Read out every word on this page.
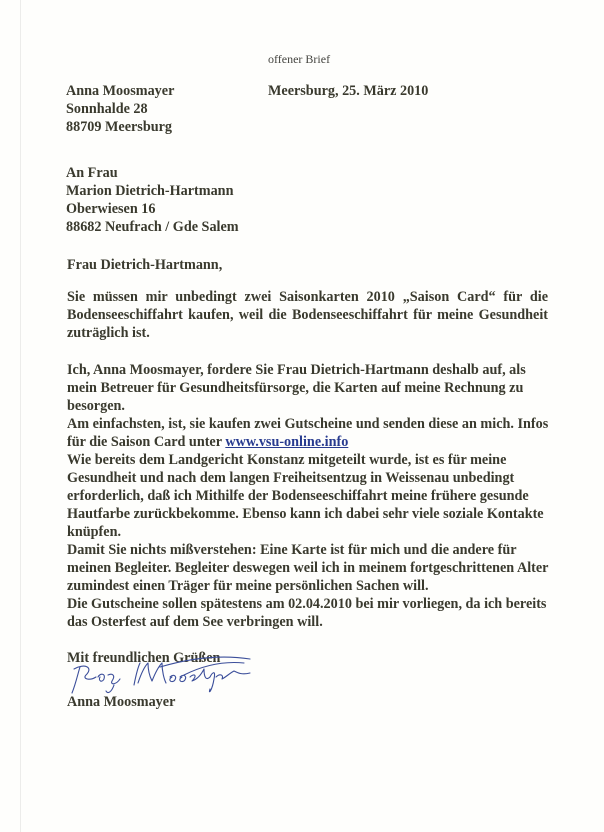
offener Brief
Anna Moosmayer
Sonnhalde 28
88709 Meersburg
Meersburg, 25. März 2010
An Frau
Marion Dietrich-Hartmann
Oberwiesen 16
88682 Neufrach / Gde Salem
Frau Dietrich-Hartmann,
Sie müssen mir unbedingt zwei Saisonkarten 2010 „Saison Card“ für die
Bodenseeschiffahrt kaufen, weil die Bodenseeschiffahrt für meine Gesundheit
zuträglich ist.
Ich, Anna Moosmayer, fordere Sie Frau Dietrich-Hartmann deshalb auf, als
mein Betreuer für Gesundheitsfürsorge, die Karten auf meine Rechnung zu
besorgen.
Am einfachsten, ist, sie kaufen zwei Gutscheine und senden diese an mich. Infos
für die Saison Card unter www.vsu-online.info
Wie bereits dem Landgericht Konstanz mitgeteilt wurde, ist es für meine
Gesundheit und nach dem langen Freiheitsentzug in Weissenau unbedingt
erforderlich, daß ich Mithilfe der Bodenseeschiffahrt meine frühere gesunde
Hautfarbe zurückbekomme. Ebenso kann ich dabei sehr viele soziale Kontakte
knüpfen.
Damit Sie nichts mißverstehen: Eine Karte ist für mich und die andere für
meinen Begleiter. Begleiter deswegen weil ich in meinem fortgeschrittenen Alter
zumindest einen Träger für meine persönlichen Sachen will.
Die Gutscheine sollen spätestens am 02.04.2010 bei mir vorliegen, da ich bereits
das Osterfest auf dem See verbringen will.
Mit freundlichen Grüßen
Anna Moosmayer
